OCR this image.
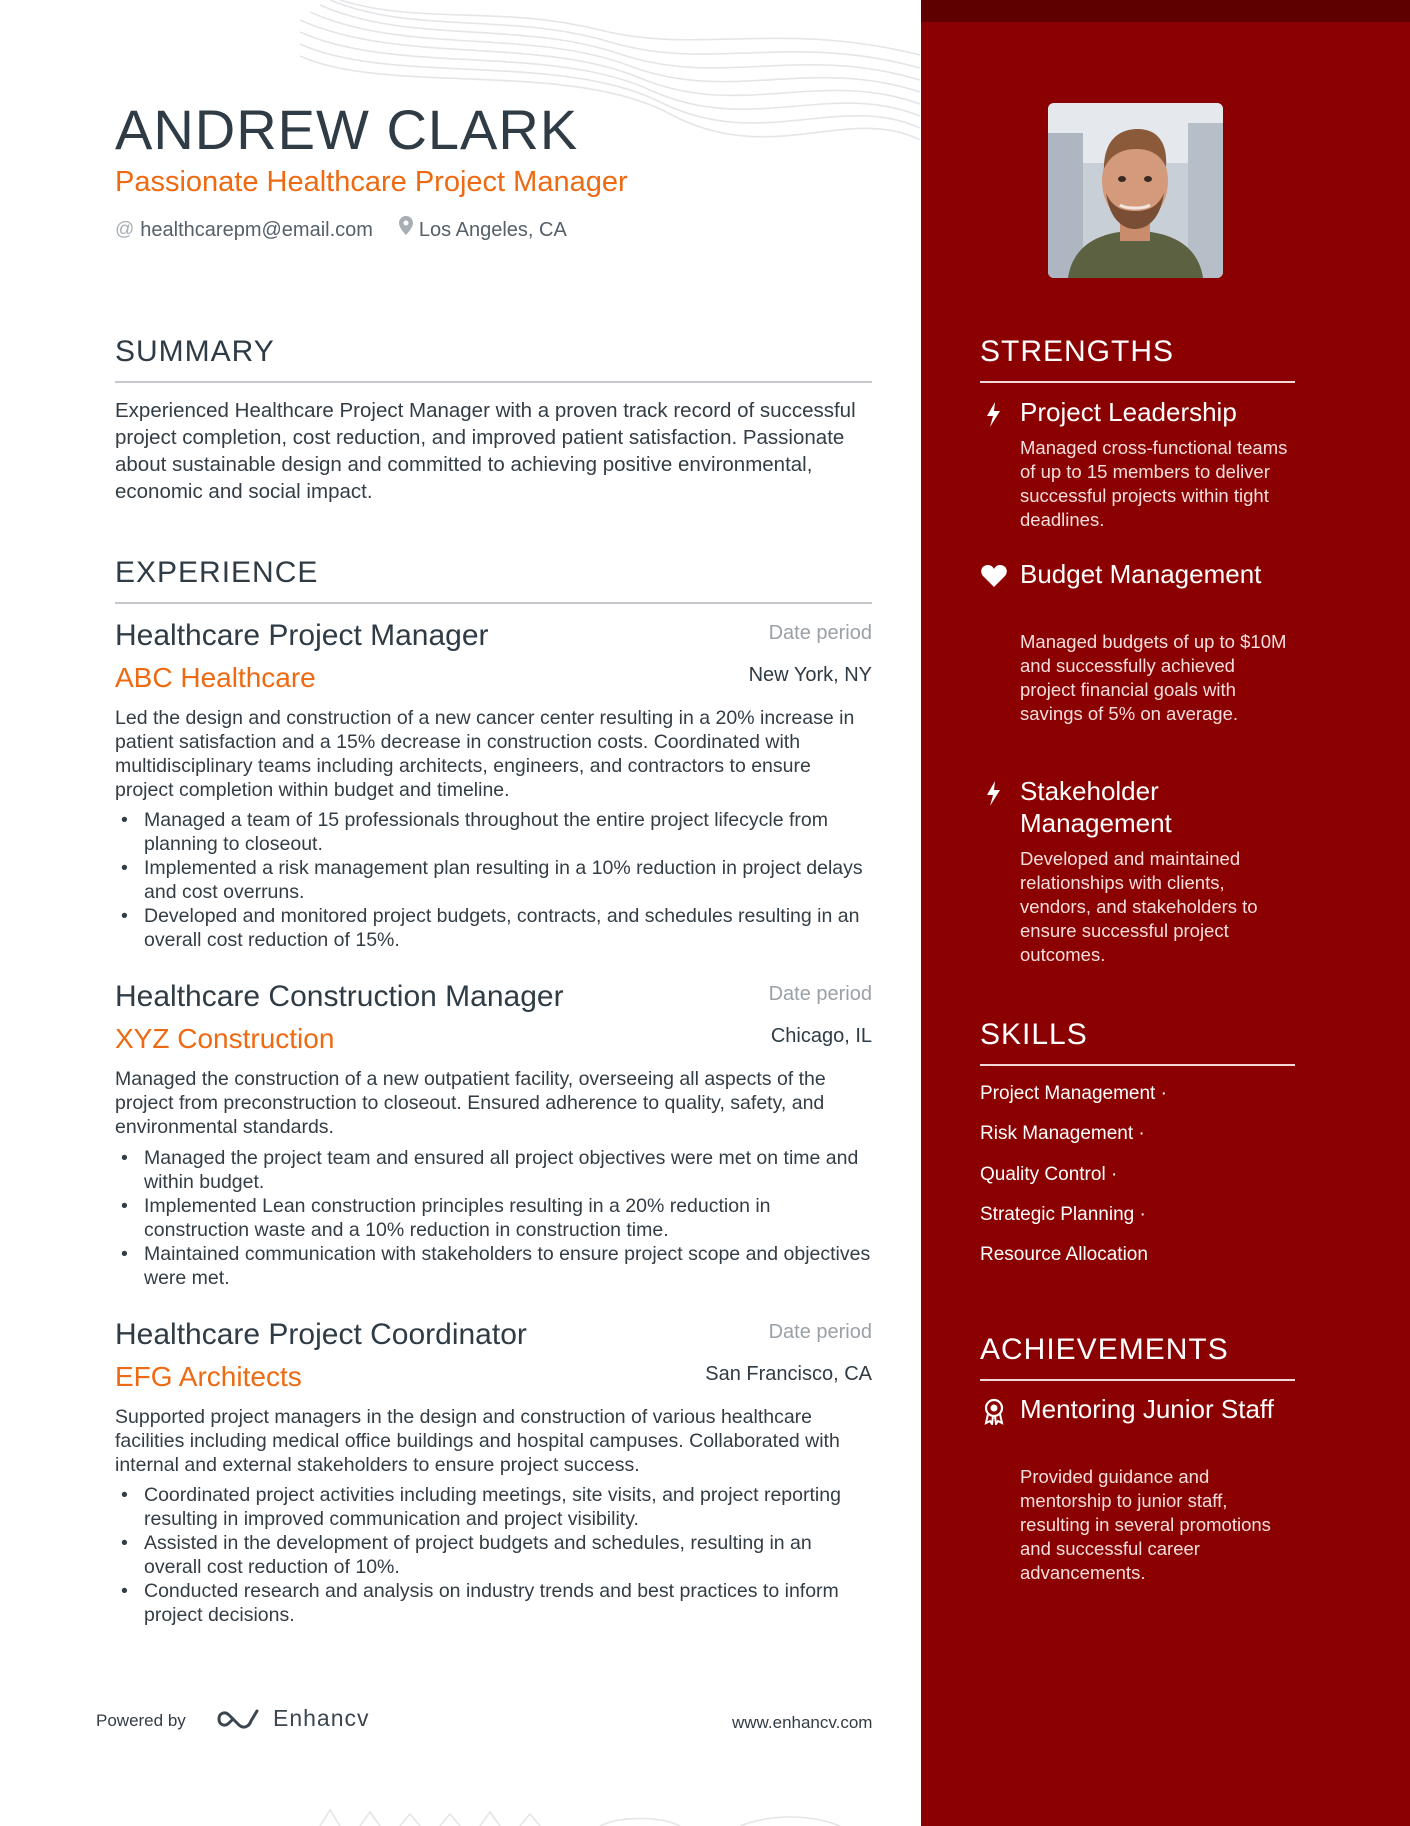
ANDREW CLARK
Passionate Healthcare Project Manager
@ healthcarepm@email.com Los Angeles, CA
SUMMARY
Experienced Healthcare Project Manager with a proven track record of successful project completion, cost reduction, and improved patient satisfaction. Passionate about sustainable design and committed to achieving positive environmental, economic and social impact.
EXPERIENCE
Healthcare Project Manager	Date period
ABC Healthcare	New York, NY
Led the design and construction of a new cancer center resulting in a 20% increase in patient satisfaction and a 15% decrease in construction costs. Coordinated with multidisciplinary teams including architects, engineers, and contractors to ensure project completion within budget and timeline.
• Managed a team of 15 professionals throughout the entire project lifecycle from planning to closeout.
• Implemented a risk management plan resulting in a 10% reduction in project delays and cost overruns.
• Developed and monitored project budgets, contracts, and schedules resulting in an overall cost reduction of 15%.
Healthcare Construction Manager	Date period
XYZ Construction	Chicago, IL
Managed the construction of a new outpatient facility, overseeing all aspects of the project from preconstruction to closeout. Ensured adherence to quality, safety, and environmental standards.
• Managed the project team and ensured all project objectives were met on time and within budget.
• Implemented Lean construction principles resulting in a 20% reduction in construction waste and a 10% reduction in construction time.
• Maintained communication with stakeholders to ensure project scope and objectives were met.
Healthcare Project Coordinator	Date period
EFG Architects	San Francisco, CA
Supported project managers in the design and construction of various healthcare facilities including medical office buildings and hospital campuses. Collaborated with internal and external stakeholders to ensure project success.
• Coordinated project activities including meetings, site visits, and project reporting resulting in improved communication and project visibility.
• Assisted in the development of project budgets and schedules, resulting in an overall cost reduction of 10%.
• Conducted research and analysis on industry trends and best practices to inform project decisions.
Powered by	Enhancv	www.enhancv.com
STRENGTHS
Project Leadership
Managed cross-functional teams of up to 15 members to deliver successful projects within tight deadlines.
Budget Management
Managed budgets of up to $10M and successfully achieved project financial goals with savings of 5% on average.
Stakeholder Management
Developed and maintained relationships with clients, vendors, and stakeholders to ensure successful project outcomes.
SKILLS
Project Management ·
Risk Management ·
Quality Control ·
Strategic Planning ·
Resource Allocation
ACHIEVEMENTS
Mentoring Junior Staff
Provided guidance and mentorship to junior staff, resulting in several promotions and successful career advancements.
